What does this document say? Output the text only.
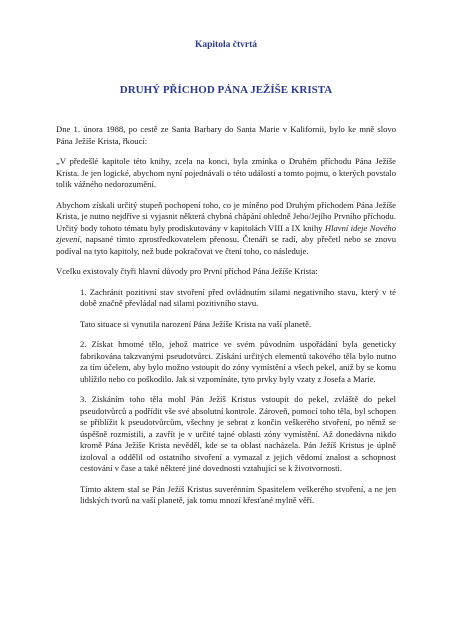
Kapitola čtvrtá
DRUHÝ PŘÍCHOD PÁNA JEŽÍŠE KRISTA

Dne 1. února 1988, po cestě ze Santa Barbary do Santa Marie v Kalifornii, bylo ke mně slovo Pána Ježíše Krista, řkoucí:

„V předešlé kapitole této knihy, zcela na konci, byla zmínka o Druhém příchodu Pána Ježíše Krista. Je jen logické, abychom nyní pojednávali o této události a tomto pojmu, o kterých povstalo tolik vážného nedorozumění.

Abychom získali určitý stupeň pochopení toho, co je míněno pod Druhým příchodem Pána Ježíše Krista, je nutno nejdříve si vyjasnit některá chybná chápání ohledně Jeho/Jejího Prvního příchodu. Určitý body tohoto tématu byly prodiskutovány v kapitolách VIII a IX knihy Hlavní ideje Nového zjevení, napsané tímto zprostředkovatelem přenosu. Čtenáři se radí, aby přečetl nebo se znovu podíval na tyto kapitoly, než bude pokračovat ve čtení toho, co následuje.

Vcelku existovaly čtyři hlavní důvody pro První příchod Pána Ježíše Krista:

1. Zachránit pozitivní stav stvoření před ovládnutím silami negativního stavu, který v té době značně převládal nad silami pozitivního stavu.

Tato situace si vynutila narození Pána Ježíše Krista na vaší planetě.

2. Získat hmotné tělo, jehož matrice ve svém původním uspořádání byla geneticky fabrikována takzvanými pseudotvůrci. Získání určitých elementů takového těla bylo nutno za tím účelem, aby bylo možno vstoupit do zóny vymístění a všech pekel, aniž by se komu ublížilo nebo co poškodilo. Jak si vzpomínáte, tyto prvky byly vzaty z Josefa a Marie.

3. Získáním toho těla mohl Pán Ježíš Kristus vstoupit do pekel, zvláště do pekel pseudotvůrců a podřídit vše své absolutní kontrole. Zároveň, pomocí toho těla, byl schopen se přiblížit k pseudotvůrcům, všechny je sebrat z končin veškerého stvoření, po němž se úspěšně rozmístili, a zavřít je v určité tajné oblasti zóny vymístění. Až donedávna nikdo kromě Pána Ježíše Krista nevěděl, kde se ta oblast nacházela. Pán Ježíš Kristus je úplně izoloval a oddělil od ostatního stvoření a vymazal z jejich vědomí znalost a schopnost cestování v čase a také některé jiné dovednosti vztahující se k životvornosti.

Tímto aktem stal se Pán Ježíš Kristus suverénním Spasitelem veškerého stvoření, a ne jen lidských tvorů na vaší planetě, jak tomu mnozí křesťané mylně věří.
